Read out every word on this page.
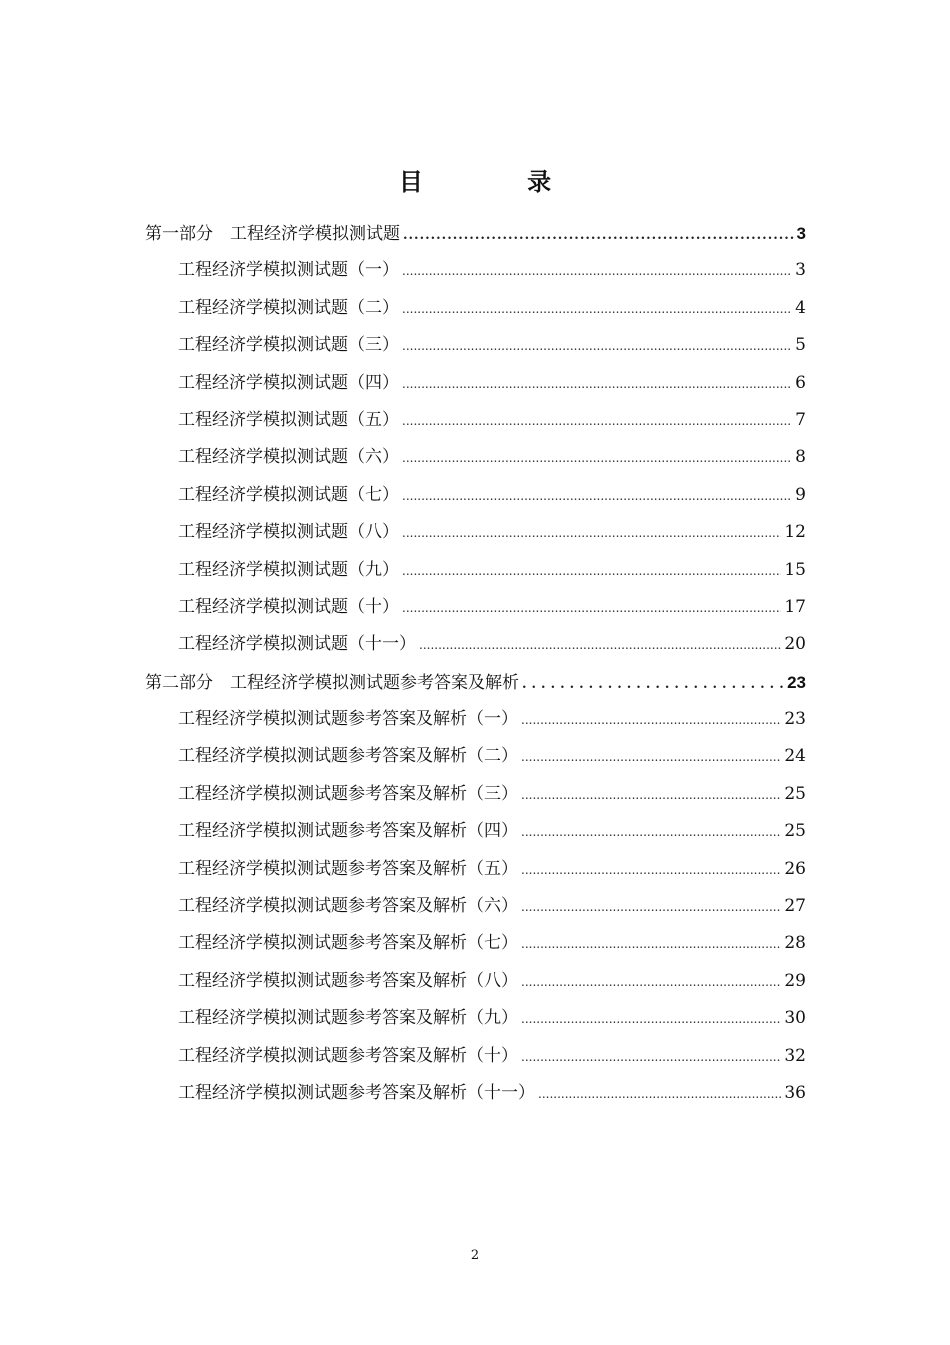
目 录
第一部分　工程经济学模拟测试题 .....	3
工程经济学模拟测试题（一） .....	3
工程经济学模拟测试题（二） .....	4
工程经济学模拟测试题（三） .....	5
工程经济学模拟测试题（四） .....	6
工程经济学模拟测试题（五） .....	7
工程经济学模拟测试题（六） .....	8
工程经济学模拟测试题（七） .....	9
工程经济学模拟测试题（八） .....	12
工程经济学模拟测试题（九） .....	15
工程经济学模拟测试题（十） .....	17
工程经济学模拟测试题（十一） .....	20
第二部分　工程经济学模拟测试题参考答案及解析 .....	23
工程经济学模拟测试题参考答案及解析（一） .....	23
工程经济学模拟测试题参考答案及解析（二） .....	24
工程经济学模拟测试题参考答案及解析（三） .....	25
工程经济学模拟测试题参考答案及解析（四） .....	25
工程经济学模拟测试题参考答案及解析（五） .....	26
工程经济学模拟测试题参考答案及解析（六） .....	27
工程经济学模拟测试题参考答案及解析（七） .....	28
工程经济学模拟测试题参考答案及解析（八） .....	29
工程经济学模拟测试题参考答案及解析（九） .....	30
工程经济学模拟测试题参考答案及解析（十） .....	32
工程经济学模拟测试题参考答案及解析（十一） .....	36
2
